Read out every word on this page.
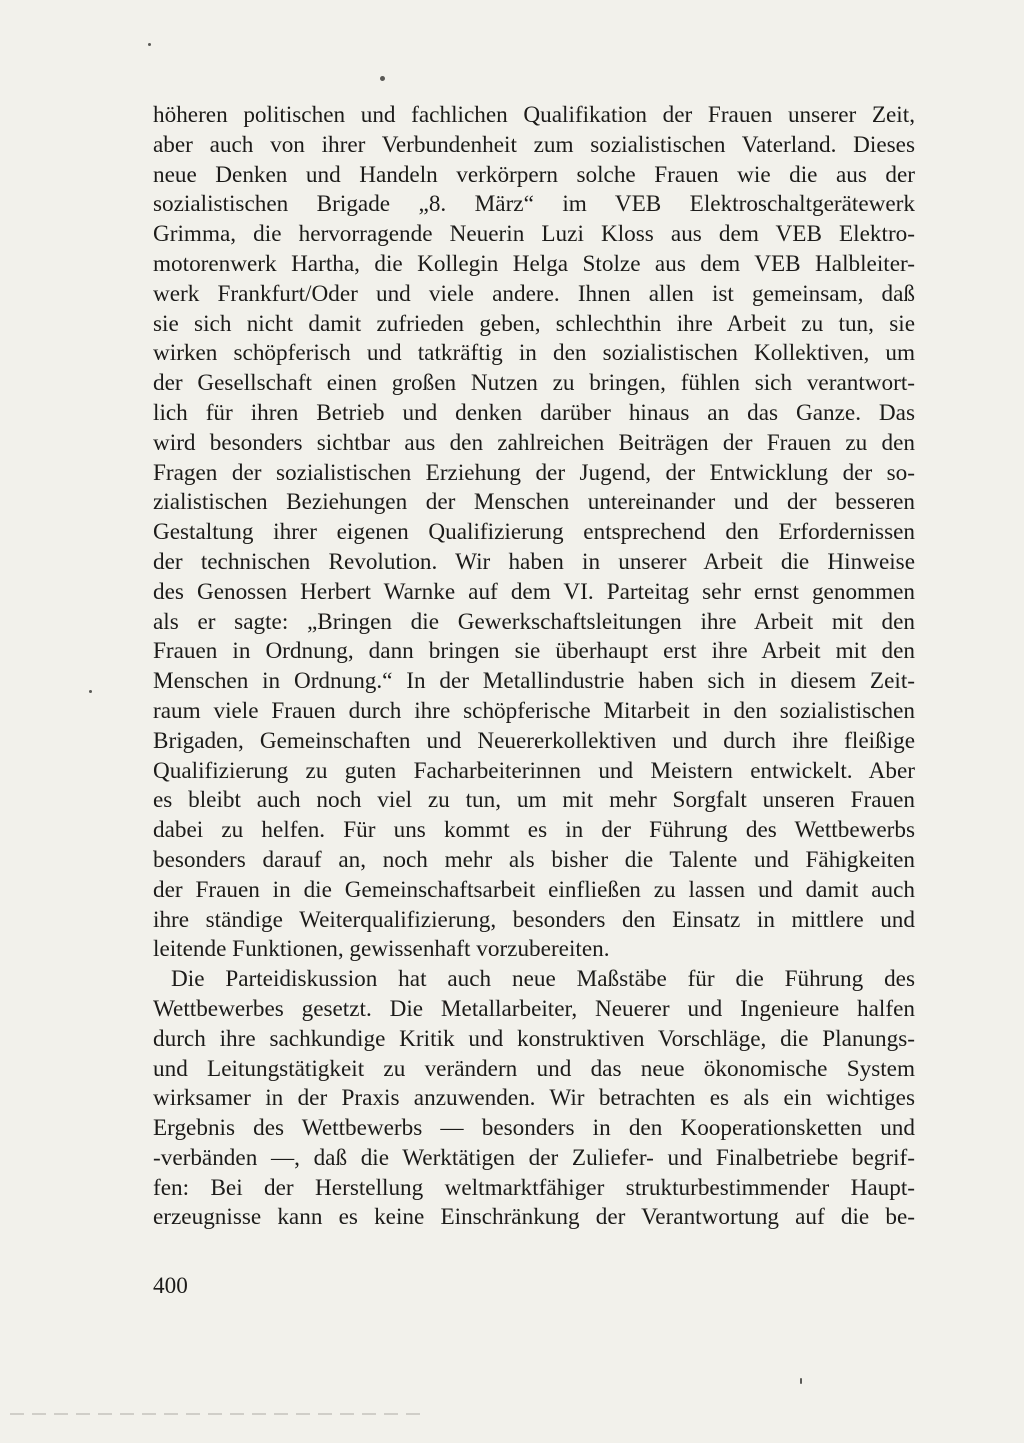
höheren politischen und fachlichen Qualifikation der Frauen unserer Zeit,
aber auch von ihrer Verbundenheit zum sozialistischen Vaterland. Dieses
neue Denken und Handeln verkörpern solche Frauen wie die aus der
sozialistischen Brigade „8. März“ im VEB Elektroschaltgerätewerk
Grimma, die hervorragende Neuerin Luzi Kloss aus dem VEB Elektro-
motorenwerk Hartha, die Kollegin Helga Stolze aus dem VEB Halbleiter-
werk Frankfurt/Oder und viele andere. Ihnen allen ist gemeinsam, daß
sie sich nicht damit zufrieden geben, schlechthin ihre Arbeit zu tun, sie
wirken schöpferisch und tatkräftig in den sozialistischen Kollektiven, um
der Gesellschaft einen großen Nutzen zu bringen, fühlen sich verantwort-
lich für ihren Betrieb und denken darüber hinaus an das Ganze. Das
wird besonders sichtbar aus den zahlreichen Beiträgen der Frauen zu den
Fragen der sozialistischen Erziehung der Jugend, der Entwicklung der so-
zialistischen Beziehungen der Menschen untereinander und der besseren
Gestaltung ihrer eigenen Qualifizierung entsprechend den Erfordernissen
der technischen Revolution. Wir haben in unserer Arbeit die Hinweise
des Genossen Herbert Warnke auf dem VI. Parteitag sehr ernst genommen
als er sagte: „Bringen die Gewerkschaftsleitungen ihre Arbeit mit den
Frauen in Ordnung, dann bringen sie überhaupt erst ihre Arbeit mit den
Menschen in Ordnung.“ In der Metallindustrie haben sich in diesem Zeit-
raum viele Frauen durch ihre schöpferische Mitarbeit in den sozialistischen
Brigaden, Gemeinschaften und Neuererkollektiven und durch ihre fleißige
Qualifizierung zu guten Facharbeiterinnen und Meistern entwickelt. Aber
es bleibt auch noch viel zu tun, um mit mehr Sorgfalt unseren Frauen
dabei zu helfen. Für uns kommt es in der Führung des Wettbewerbs
besonders darauf an, noch mehr als bisher die Talente und Fähigkeiten
der Frauen in die Gemeinschaftsarbeit einfließen zu lassen und damit auch
ihre ständige Weiterqualifizierung, besonders den Einsatz in mittlere und
leitende Funktionen, gewissenhaft vorzubereiten.
Die Parteidiskussion hat auch neue Maßstäbe für die Führung des
Wettbewerbes gesetzt. Die Metallarbeiter, Neuerer und Ingenieure halfen
durch ihre sachkundige Kritik und konstruktiven Vorschläge, die Planungs-
und Leitungstätigkeit zu verändern und das neue ökonomische System
wirksamer in der Praxis anzuwenden. Wir betrachten es als ein wichtiges
Ergebnis des Wettbewerbs — besonders in den Kooperationsketten und
-verbänden —, daß die Werktätigen der Zuliefer- und Finalbetriebe begrif-
fen: Bei der Herstellung weltmarktfähiger strukturbestimmender Haupt-
erzeugnisse kann es keine Einschränkung der Verantwortung auf die be-
400
